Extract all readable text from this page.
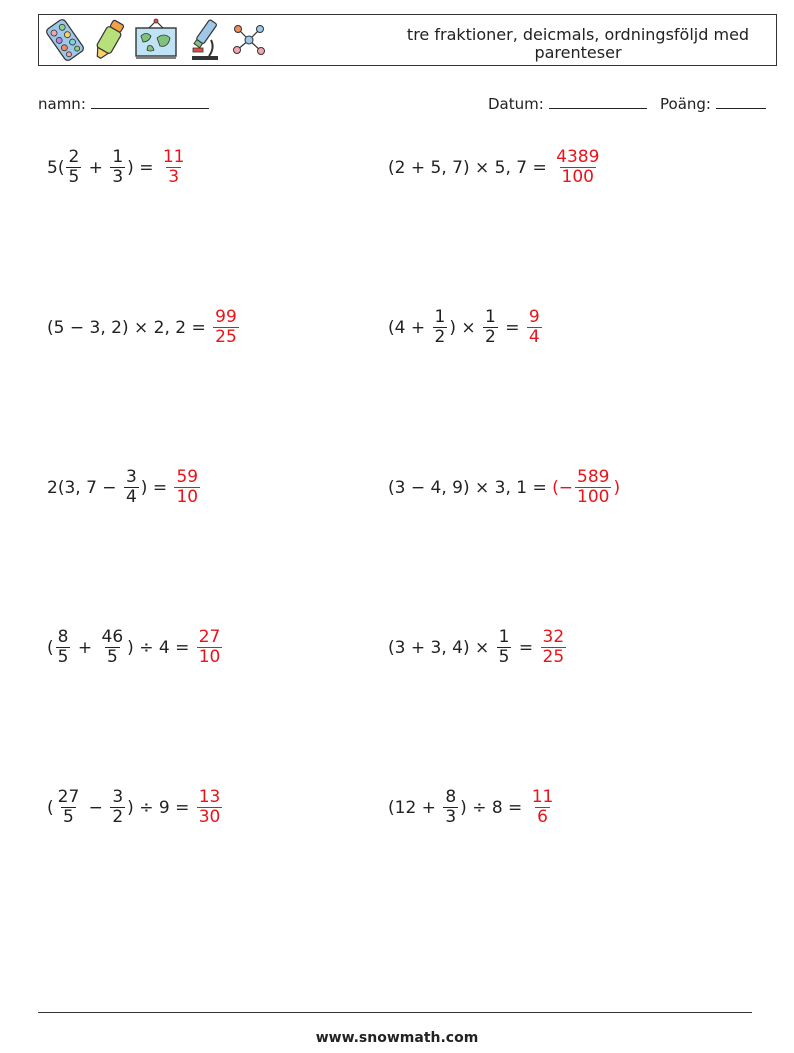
tre fraktioner, deicmals, ordningsföljd med parenteser
namn:	Datum:	Poäng:
$5( \frac{2}{5} + \frac{1}{3}$ ) = $\frac{11}{3}$	(2 + 5, 7) × 5, $7 = \frac{4389}{100}$
(5 − 3, 2) × 2, $2 = \frac{99}{25}$	($4 + \frac{1}{2}$ ) × $\frac{1}{2} = \frac{9}{4}$
2(3, $7 - \frac{3}{4}$ ) = $\frac{59}{10}$	(3 − 4, 9) × 3, 1 = (− $\frac{589}{100}$ )
( $\frac{8}{5} + \frac{46}{5}$ ) ÷ $4 = \frac{27}{10}$	(3 + 3, $4) \times \frac{1}{5} = \frac{32}{25}$
( $\frac{27}{5} - \frac{3}{2}$ ) ÷ $9 = \frac{13}{30}$	($12 + \frac{8}{3}$ ) ÷ $8 = \frac{11}{6}$
www.snowmath.com
